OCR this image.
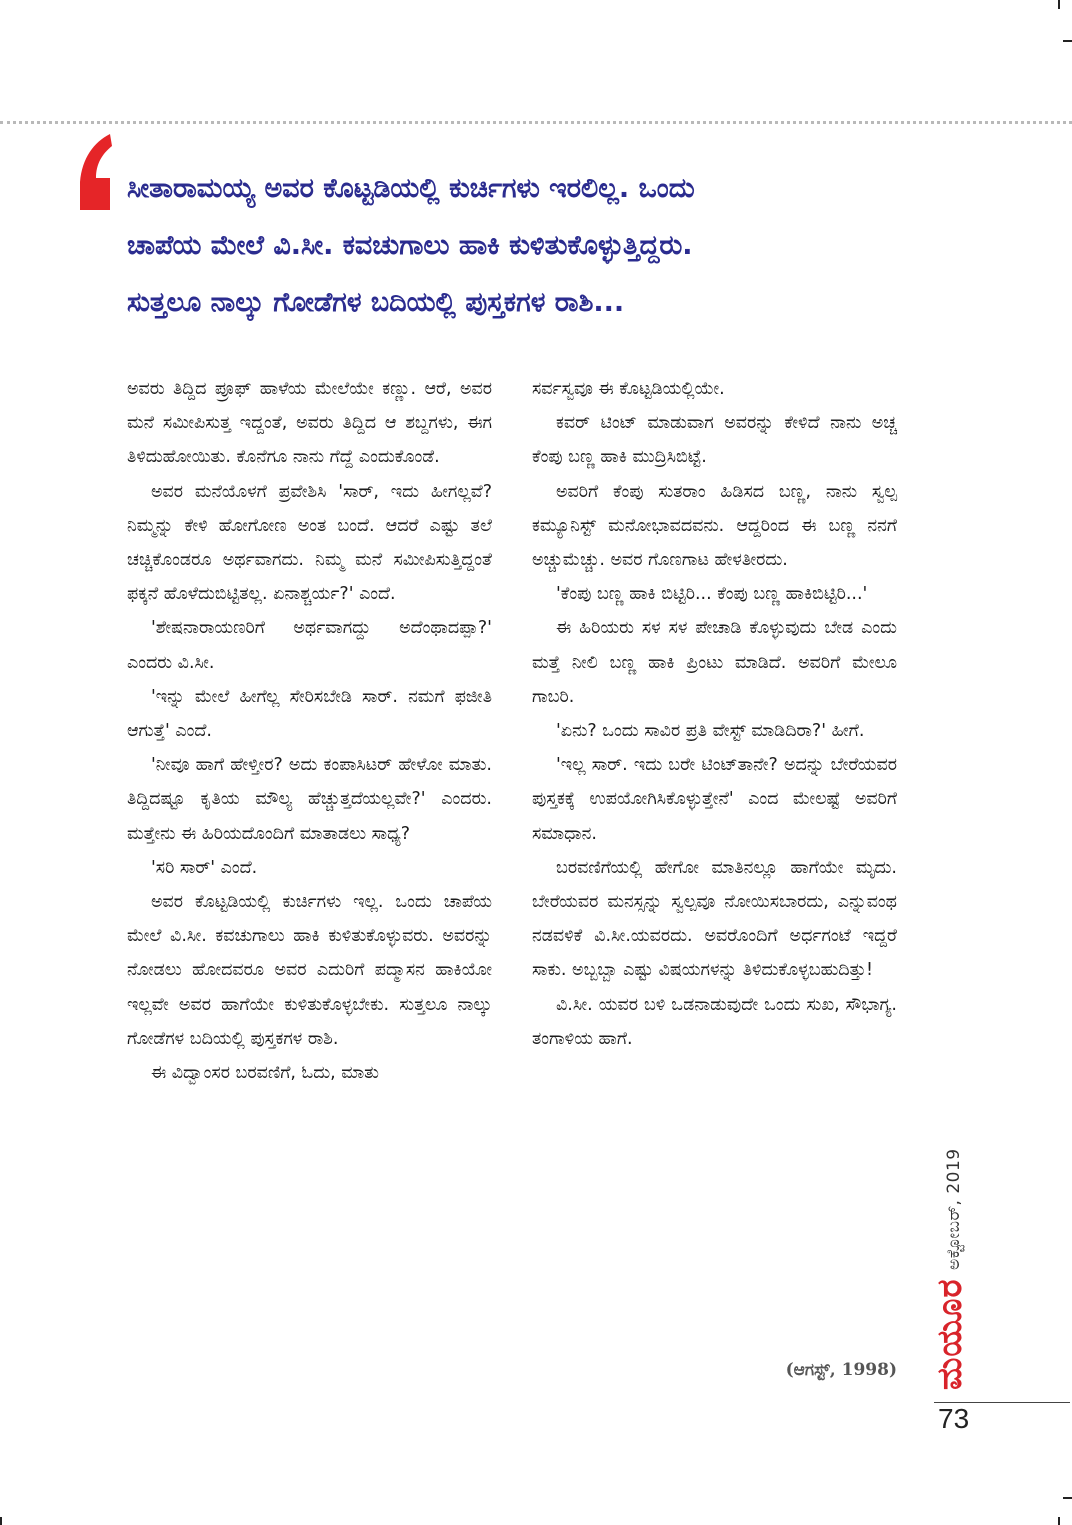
ಸೀತಾರಾಮಯ್ಯ ಅವರ ಕೊಟ್ಟಡಿಯಲ್ಲಿ ಕುರ್ಚಿಗಳು ಇರಲಿಲ್ಲ. ಒಂದು

ಚಾಪೆಯ ಮೇಲೆ ವಿ.ಸೀ. ಕವಚುಗಾಲು ಹಾಕಿ ಕುಳಿತುಕೊಳ್ಳುತ್ತಿದ್ದರು.

ಸುತ್ತಲೂ ನಾಲ್ಕು ಗೋಡೆಗಳ ಬದಿಯಲ್ಲಿ ಪುಸ್ತಕಗಳ ರಾಶಿ...

ಅವರು ತಿದ್ದಿದ ಪ್ರೂಫ್ ಹಾಳೆಯ ಮೇಲೆಯೇ ಕಣ್ಣು. ಆರೆ, ಅವರ ಮನೆ ಸಮೀಪಿಸುತ್ತ ಇದ್ದಂತೆ, ಅವರು ತಿದ್ದಿದ ಆ ಶಬ್ದಗಳು, ಈಗ ತಿಳಿದುಹೋಯಿತು. ಕೊನೆಗೂ ನಾನು ಗೆದ್ದೆ ಎಂದುಕೊಂಡೆ.

ಅವರ ಮನೆಯೊಳಗೆ ಪ್ರವೇಶಿಸಿ 'ಸಾರ್, ಇದು ಹೀಗಲ್ಲವೆ? ನಿಮ್ಮನ್ನು ಕೇಳಿ ಹೋಗೋಣ ಅಂತ ಬಂದೆ. ಆದರೆ ಎಷ್ಟು ತಲೆ ಚಚ್ಚಿಕೊಂಡರೂ ಅರ್ಥವಾಗದು. ನಿಮ್ಮ ಮನೆ ಸಮೀಪಿಸುತ್ತಿದ್ದಂತೆ ಫಕ್ಕನೆ ಹೊಳೆದುಬಿಟ್ಟಿತಲ್ಲ. ಏನಾಶ್ಚರ್ಯ?' ಎಂದೆ.

'ಶೇಷನಾರಾಯಣರಿಗೆ ಅರ್ಥವಾಗದ್ದು ಅದೆಂಥಾದಪ್ಪಾ?' ಎಂದರು ವಿ.ಸೀ.

'ಇನ್ನು ಮೇಲೆ ಹೀಗೆಲ್ಲ ಸೇರಿಸಬೇಡಿ ಸಾರ್. ನಮಗೆ ಫಜೀತಿ ಆಗುತ್ತೆ' ಎಂದೆ.

'ನೀವೂ ಹಾಗೆ ಹೇಳ್ತೀರ? ಅದು ಕಂಪಾಸಿಟರ್ ಹೇಳೋ ಮಾತು. ತಿದ್ದಿದಷ್ಟೂ ಕೃತಿಯ ಮೌಲ್ಯ ಹೆಚ್ಚುತ್ತದೆಯಲ್ಲವೇ?' ಎಂದರು. ಮತ್ತೇನು ಈ ಹಿರಿಯದೊಂದಿಗೆ ಮಾತಾಡಲು ಸಾಧ್ಯ?

'ಸರಿ ಸಾರ್' ಎಂದೆ.

ಅವರ ಕೊಟ್ಟಡಿಯಲ್ಲಿ ಕುರ್ಚಿಗಳು ಇಲ್ಲ. ಒಂದು ಚಾಪೆಯ ಮೇಲೆ ವಿ.ಸೀ. ಕವಚುಗಾಲು ಹಾಕಿ ಕುಳಿತುಕೊಳ್ಳುವರು. ಅವರನ್ನು ನೋಡಲು ಹೋದವರೂ ಅವರ ಎದುರಿಗೆ ಪದ್ಮಾಸನ ಹಾಕಿಯೋ ಇಲ್ಲವೇ ಅವರ ಹಾಗೆಯೇ ಕುಳಿತುಕೊಳ್ಳಬೇಕು. ಸುತ್ತಲೂ ನಾಲ್ಕು ಗೋಡೆಗಳ ಬದಿಯಲ್ಲಿ ಪುಸ್ತಕಗಳ ರಾಶಿ.

ಈ ವಿದ್ವಾಂಸರ ಬರವಣಿಗೆ, ಓದು, ಮಾತು

ಸರ್ವಸ್ವವೂ ಈ ಕೊಟ್ಟಡಿಯಲ್ಲಿಯೇ.

ಕವರ್ ಟಿಂಟ್ ಮಾಡುವಾಗ ಅವರನ್ನು ಕೇಳಿದೆ ನಾನು ಅಚ್ಚ ಕೆಂಪು ಬಣ್ಣ ಹಾಕಿ ಮುದ್ರಿಸಿಬಿಟ್ಟೆ.

ಅವರಿಗೆ ಕೆಂಪು ಸುತರಾಂ ಹಿಡಿಸದ ಬಣ್ಣ, ನಾನು ಸ್ವಲ್ಪ ಕಮ್ಯೂನಿಸ್ಟ್ ಮನೋಭಾವದವನು. ಆದ್ದರಿಂದ ಈ ಬಣ್ಣ ನನಗೆ ಅಚ್ಚುಮೆಚ್ಚು. ಅವರ ಗೊಣಗಾಟ ಹೇಳತೀರದು.

'ಕೆಂಪು ಬಣ್ಣ ಹಾಕಿ ಬಿಟ್ಟಿರಿ... ಕೆಂಪು ಬಣ್ಣ ಹಾಕಿಬಿಟ್ಟಿರಿ...'

ಈ ಹಿರಿಯರು ಸಳ ಸಳ ಪೇಚಾಡಿ ಕೊಳ್ಳುವುದು ಬೇಡ ಎಂದು ಮತ್ತೆ ನೀಲಿ ಬಣ್ಣ ಹಾಕಿ ಪ್ರಿಂಟು ಮಾಡಿದೆ. ಅವರಿಗೆ ಮೇಲೂ ಗಾಬರಿ.

'ಏನು? ಒಂದು ಸಾವಿರ ಪ್ರತಿ ವೇಸ್ಟ್ ಮಾಡಿದಿರಾ?' ಹೀಗೆ.

'ಇಲ್ಲ ಸಾರ್. ಇದು ಬರೇ ಟಿಂಟ್‌ತಾನೇ? ಅದನ್ನು ಬೇರೆಯವರ ಪುಸ್ತಕಕ್ಕೆ ಉಪಯೋಗಿಸಿಕೊಳ್ಳುತ್ತೇನೆ' ಎಂದ ಮೇಲಷ್ಟೆ ಅವರಿಗೆ ಸಮಾಧಾನ.

ಬರವಣಿಗೆಯಲ್ಲಿ ಹೇಗೋ ಮಾತಿನಲ್ಲೂ ಹಾಗೆಯೇ ಮೃದು. ಬೇರೆಯವರ ಮನಸ್ಸನ್ನು ಸ್ವಲ್ಪವೂ ನೋಯಿಸಬಾರದು, ಎನ್ನುವಂಥ ನಡವಳಿಕೆ ವಿ.ಸೀ.ಯವರದು. ಅವರೊಂದಿಗೆ ಅರ್ಧಗಂಟೆ ಇದ್ದರೆ ಸಾಕು. ಅಬ್ಬಬ್ಬಾ ಎಷ್ಟು ವಿಷಯಗಳನ್ನು ತಿಳಿದುಕೊಳ್ಳಬಹುದಿತ್ತು!

ವಿ.ಸೀ. ಯವರ ಬಳಿ ಒಡನಾಡುವುದೇ ಒಂದು ಸುಖ, ಸೌಭಾಗ್ಯ. ತಂಗಾಳಿಯ ಹಾಗೆ.

(ಆಗಸ್ಟ್, 1998)
ಅಕ್ಟೋಬರ್, 2019
ಮಯೂರ
73
